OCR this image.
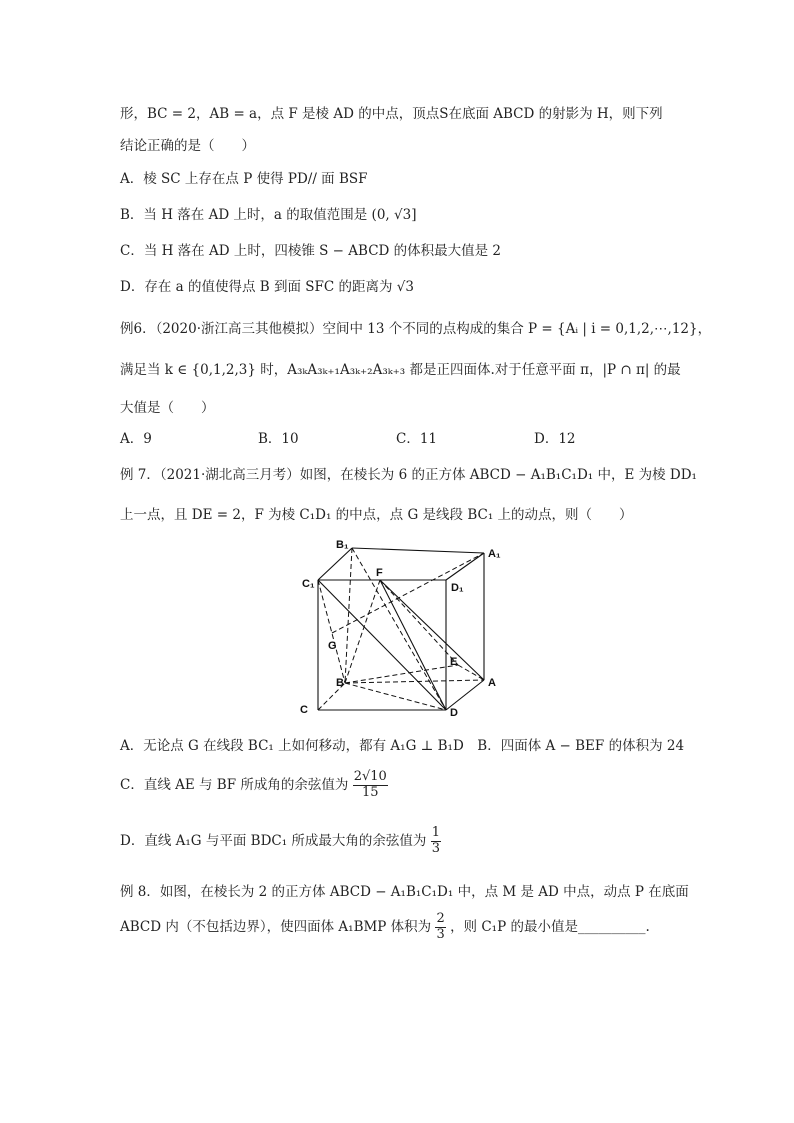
形，BC = 2，AB = a，点 F 是棱 AD 的中点，顶点S在底面 ABCD 的射影为 H，则下列
结论正确的是（　　）
A．棱 SC 上存在点 P 使得 PD// 面 BSF
B．当 H 落在 AD 上时，a 的取值范围是 (0, √3]
C．当 H 落在 AD 上时，四棱锥 S − ABCD 的体积最大值是 2
D．存在 a 的值使得点 B 到面 SFC 的距离为 √3
例6．（2020·浙江高三其他模拟）空间中 13 个不同的点构成的集合 P = {Aᵢ | i = 0,1,2,⋯,12}，
满足当 k ∈ {0,1,2,3} 时，A₃ₖA₃ₖ₊₁A₃ₖ₊₂A₃ₖ₊₃ 都是正四面体.对于任意平面 π，|P ∩ π| 的最
大值是（　　）
A．9	B．10	C．11	D．12
例 7．（2021·湖北高三月考）如图，在棱长为 6 的正方体 ABCD − A₁B₁C₁D₁ 中，E 为棱 DD₁
上一点，且 DE = 2，F 为棱 C₁D₁ 的中点，点 G 是线段 BC₁ 上的动点，则（　　）
B₁
A₁
F
C₁	D₁
G
E
B	A
C	D
A．无论点 G 在线段 BC₁ 上如何移动，都有 A₁G ⊥ B₁D　B．四面体 A − BEF 的体积为 24
C．直线 AE 与 BF 所成角的余弦值为 $\frac{2√10}{15}$
D．直线 A₁G 与平面 BDC₁ 所成最大角的余弦值为 $\frac{1}{3}$
例 8．如图，在棱长为 2 的正方体 ABCD − A₁B₁C₁D₁ 中，点 M 是 AD 中点，动点 P 在底面
ABCD 内（不包括边界），使四面体 A₁BMP 体积为 $\frac{2}{3}$ ，则 C₁P 的最小值是__________.
